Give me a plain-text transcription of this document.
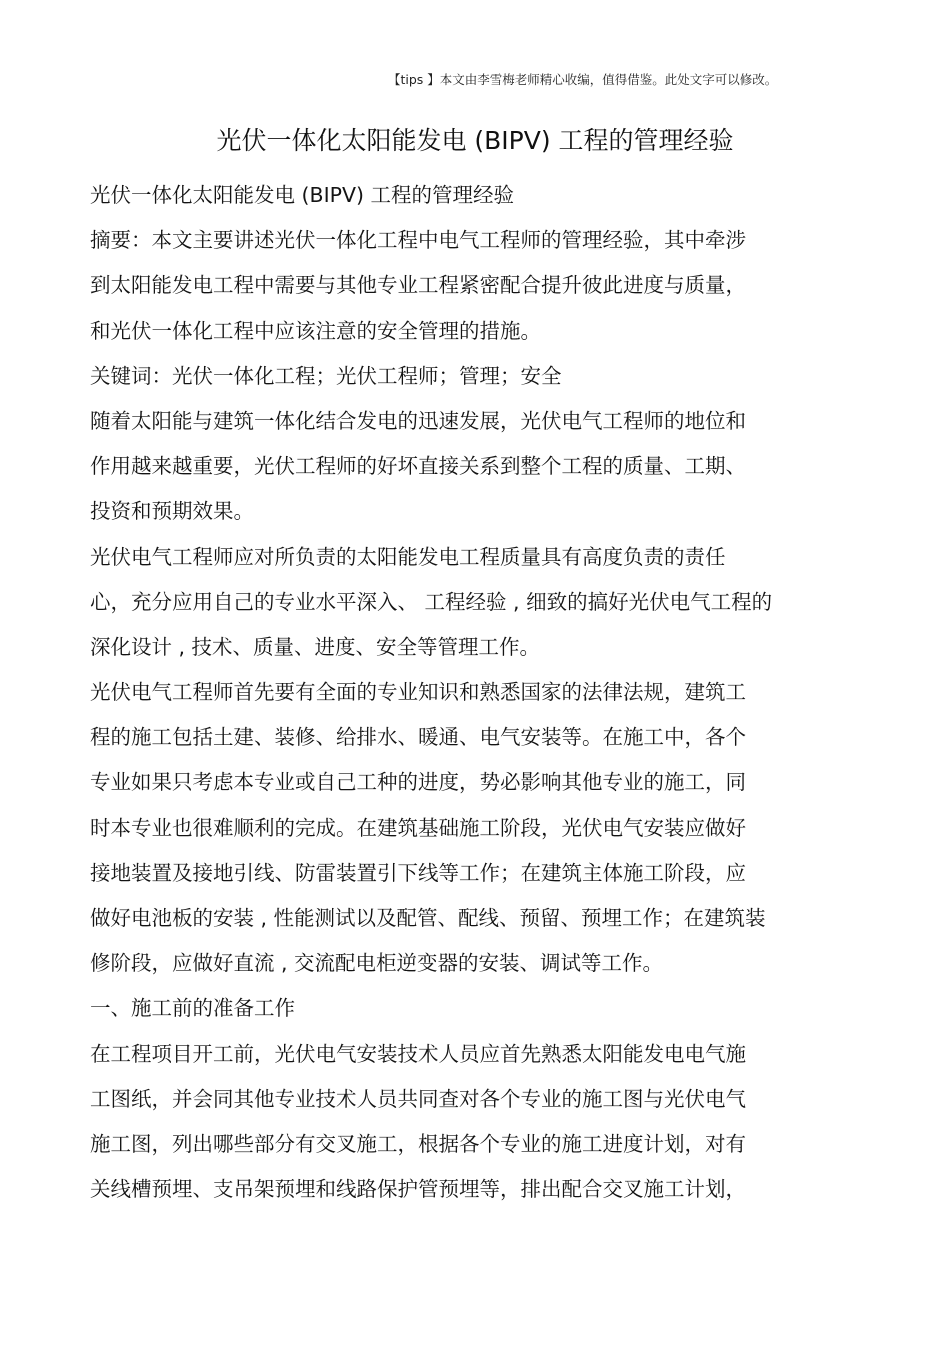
【tips 】本文由李雪梅老师精心收编，值得借鉴。此处文字可以修改。
光伏一体化太阳能发电 (BIPV) 工程的管理经验
光伏一体化太阳能发电 (BIPV) 工程的管理经验
摘要：本文主要讲述光伏一体化工程中电气工程师的管理经验，其中牵涉
到太阳能发电工程中需要与其他专业工程紧密配合提升彼此进度与质量，
和光伏一体化工程中应该注意的安全管理的措施。
关键词：光伏一体化工程；光伏工程师；管理；安全
随着太阳能与建筑一体化结合发电的迅速发展，光伏电气工程师的地位和
作用越来越重要，光伏工程师的好坏直接关系到整个工程的质量、工期、
投资和预期效果。
光伏电气工程师应对所负责的太阳能发电工程质量具有高度负责的责任
心，充分应用自己的专业水平深入、 工程经验 , 细致的搞好光伏电气工程的
深化设计 , 技术、质量、进度、安全等管理工作。
光伏电气工程师首先要有全面的专业知识和熟悉国家的法律法规，建筑工
程的施工包括土建、装修、给排水、暖通、电气安装等。在施工中，各个
专业如果只考虑本专业或自己工种的进度，势必影响其他专业的施工，同
时本专业也很难顺利的完成。在建筑基础施工阶段，光伏电气安装应做好
接地装置及接地引线、防雷装置引下线等工作；在建筑主体施工阶段，应
做好电池板的安装 , 性能测试以及配管、配线、预留、预埋工作；在建筑装
修阶段，应做好直流 , 交流配电柜逆变器的安装、调试等工作。
一、施工前的准备工作
在工程项目开工前，光伏电气安装技术人员应首先熟悉太阳能发电电气施
工图纸，并会同其他专业技术人员共同查对各个专业的施工图与光伏电气
施工图，列出哪些部分有交叉施工，根据各个专业的施工进度计划，对有
关线槽预埋、支吊架预埋和线路保护管预埋等，排出配合交叉施工计划，
